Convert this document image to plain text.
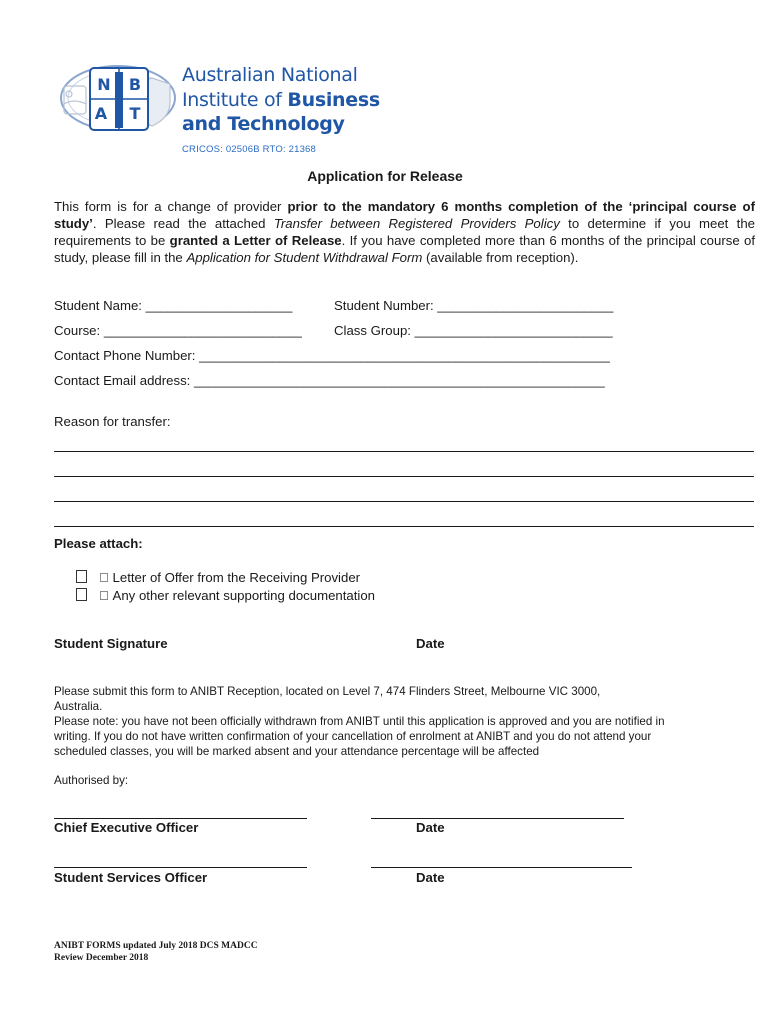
N B
A T
Australian National
Institute of Business
and Technology
CRICOS: 02506B RTO: 21368
Application for Release
This form is for a change of provider prior to the mandatory 6 months completion of the ‘principal course of study’. Please read the attached Transfer between Registered Providers Policy to determine if you meet the requirements to be granted a Letter of Release. If you have completed more than 6 months of the principal course of study, please fill in the Application for Student Withdrawal Form (available from reception).
Student Name: ____________________	Student Number: ________________________
Course: ___________________________ Class Group: ___________________________
Contact Phone Number: ________________________________________________________
Contact Email address: ________________________________________________________
Reason for transfer:
Please attach:
Letter of Offer from the Receiving Provider
Any other relevant supporting documentation
Student Signature	Date
Please submit this form to ANIBT Reception, located on Level 7, 474 Flinders Street, Melbourne VIC 3000,
Australia.
Please note: you have not been officially withdrawn from ANIBT until this application is approved and you are notified in writing. If you do not have written confirmation of your cancellation of enrolment at ANIBT and you do not attend your scheduled classes, you will be marked absent and your attendance percentage will be affected
Authorised by:
Chief Executive Officer	Date
Student Services Officer	Date
ANIBT FORMS updated July 2018 DCS MADCC
Review December 2018
